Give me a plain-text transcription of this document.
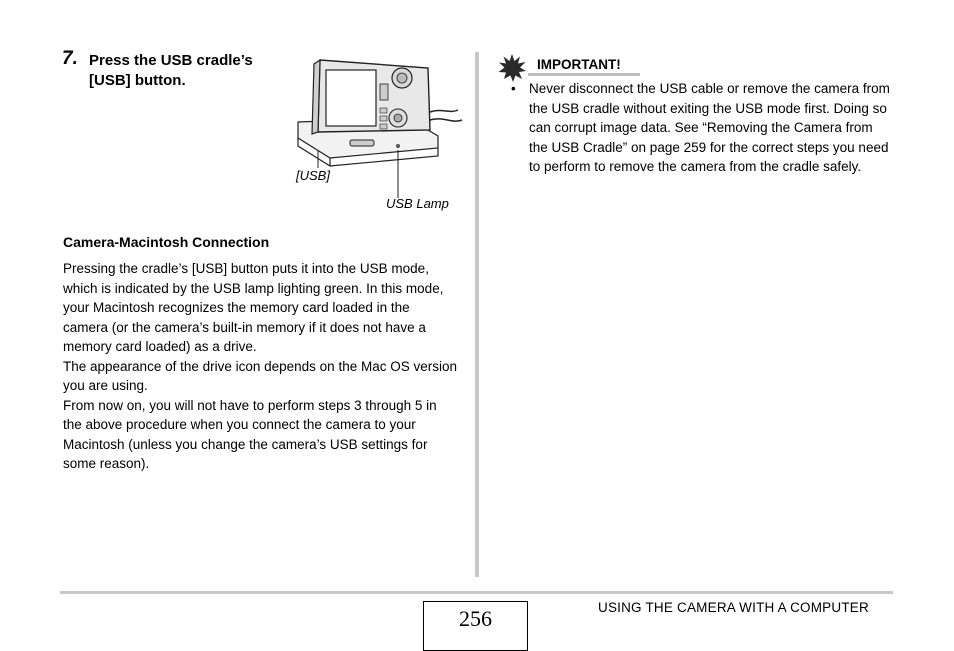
7. Press the USB cradle’s [USB] button.
[USB]
USB Lamp
Camera-Macintosh Connection

Pressing the cradle’s [USB] button puts it into the USB mode, which is indicated by the USB lamp lighting green. In this mode, your Macintosh recognizes the memory card loaded in the camera (or the camera’s built-in memory if it does not have a memory card loaded) as a drive.

The appearance of the drive icon depends on the Mac OS version you are using.

From now on, you will not have to perform steps 3 through 5 in the above procedure when you connect the camera to your Macintosh (unless you change the camera’s USB settings for some reason).

IMPORTANT!
• Never disconnect the USB cable or remove the camera from the USB cradle without exiting the USB mode first. Doing so can corrupt image data. See “Removing the Camera from the USB Cradle” on page 259 for the correct steps you need to perform to remove the camera from the cradle safely.
256	USING THE CAMERA WITH A COMPUTER
